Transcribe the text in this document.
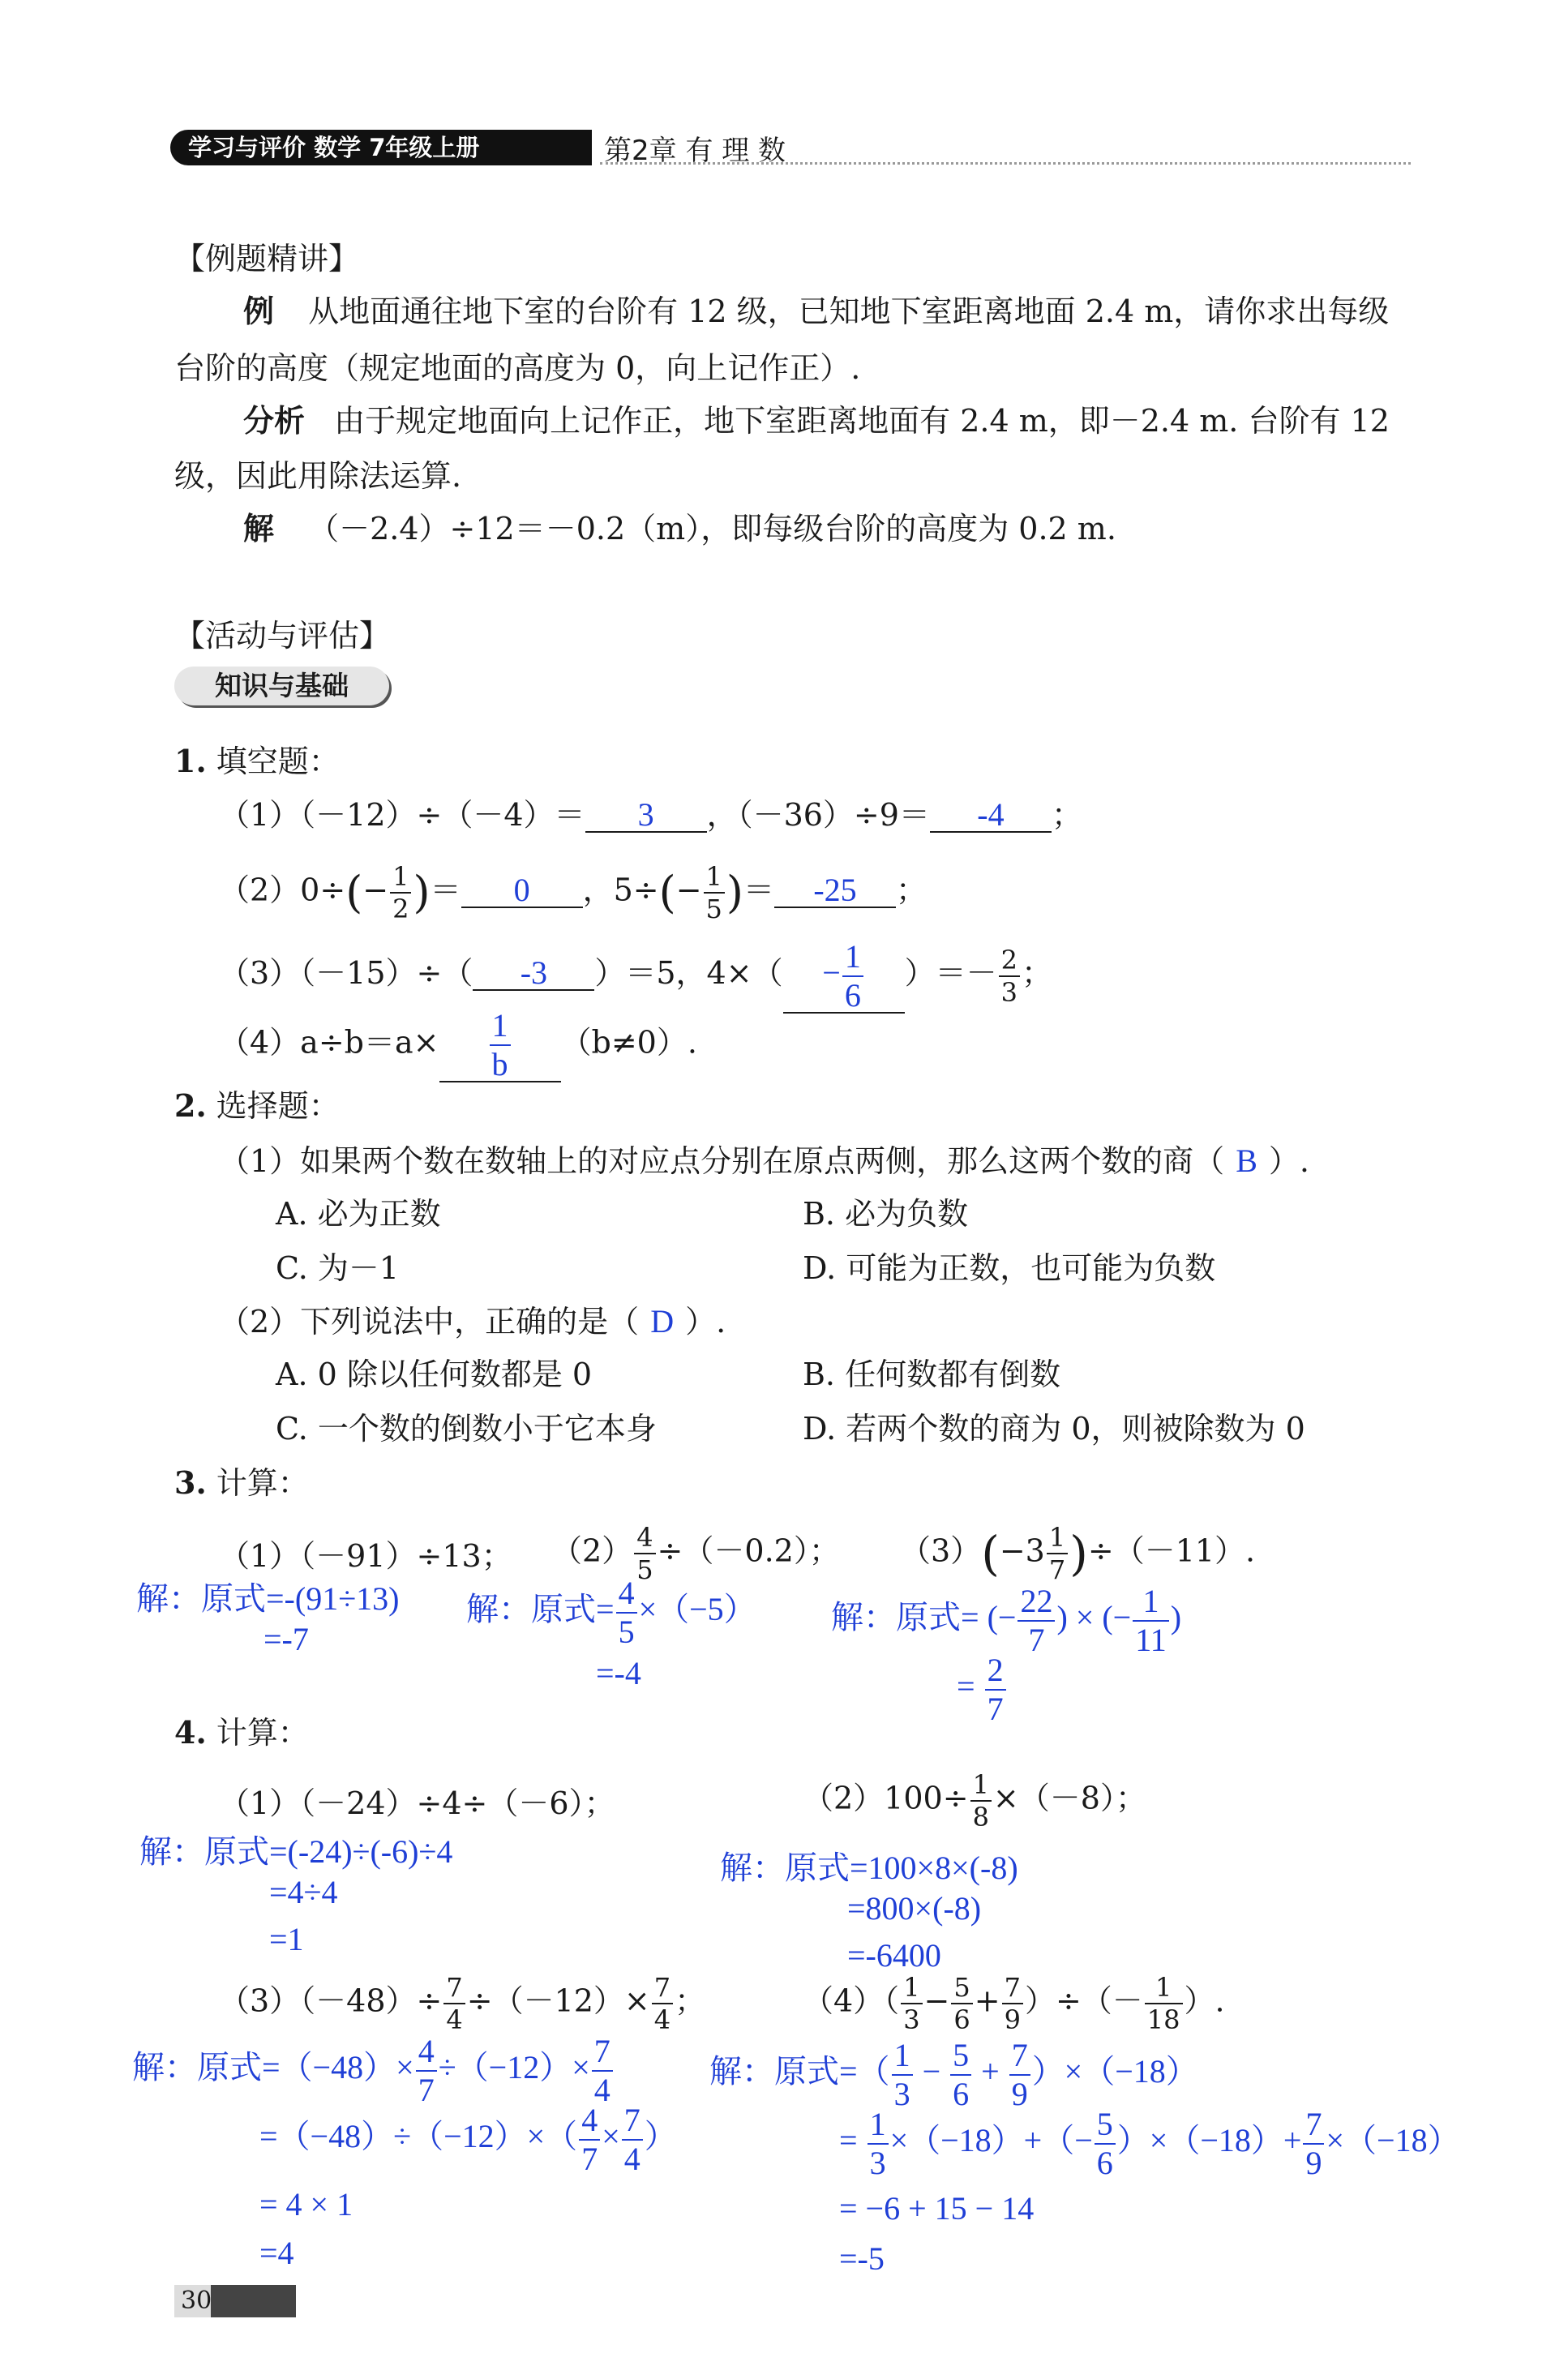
学习与评价 数学 7年级上册	第2章 有 理 数
【例题精讲】
例 从地面通往地下室的台阶有 12 级，已知地下室距离地面 2.4 m，请你求出每级
台阶的高度（规定地面的高度为 0，向上记作正）.
分析 由于规定地面向上记作正，地下室距离地面有 2.4 m，即－2.4 m. 台阶有 12
级，因此用除法运算.
解 （－2.4）÷12＝－0.2（m），即每级台阶的高度为 0.2 m.
【活动与评估】
知识与基础
1. 填空题：
（1）（－12）÷（－4）＝ 3 ，（－36）÷9＝ -4 ；
$(2)0\div(- \frac{1}{2}$ )＝ 0 ，$5\div(- \frac{1}{5}$ )＝ -25 ；
（3）（－15）÷（ -3 ）＝5，$4\times( - \frac{1}{6}$ ）＝－ $\frac{2}{3}$ ；
$(4)a\div b=a\times \frac{1}{b} (b\ne 0)$.
2. 选择题：
（1）如果两个数在数轴上的对应点分别在原点两侧，那么这两个数的商（ B ）.
A. 必为正数	B. 必为负数
C. 为－1	D. 可能为正数，也可能为负数
（2）下列说法中，正确的是（ D ）.
A. 0 除以任何数都是 0	B. 任何数都有倒数
C. 一个数的倒数小于它本身	D. 若两个数的商为 0，则被除数为 0
3. 计算：
（1）（－91）÷13；
解：原式=-(91÷13)
=-7
$(2) \frac{4}{5} \div(-0.2)$；
解：原式= $\frac{4}{5} \times(-5)$
=-4
$(3)(-3 \frac{1}{7} )\div(-11)$.
解：原式= (− $\frac{22}{7}$ ) × (− $\frac{1}{11}$ )
= $\frac{2}{7}$
4. 计算：
（1）（－24）÷4÷（－6）；
解：原式=(-24)÷(-6)÷4
=4÷4
=1
$(2)100\div \frac{1}{8} \times(-8)$；
解：原式=100×8×(-8)
=800×(-8)
=-6400
$(3)(-48)\div \frac{7}{4} \div(-12)\times \frac{7}{4}$ ；
解：原式$=(-48)\times \frac{4}{7} \div(-12)\times \frac{7}{4}$
$=(-48)\div(-12)\times( \frac{4}{7} \times \frac{7}{4}$ ）
= 4 × 1
=4
$(4)( \frac{1}{3} - \frac{5}{6} + \frac{7}{9}$ ）÷（－ $\frac{1}{18}$ ）.
解：原式=（ $\frac{1}{3} - \frac{5}{6} + \frac{7}{9} )\times(-18)$
= $\frac{1}{3} \times(-18)+(- \frac{5}{6} )\times(-18)+ \frac{7}{9} \times(-18)$
= −6 + 15 − 14
=-5
30
